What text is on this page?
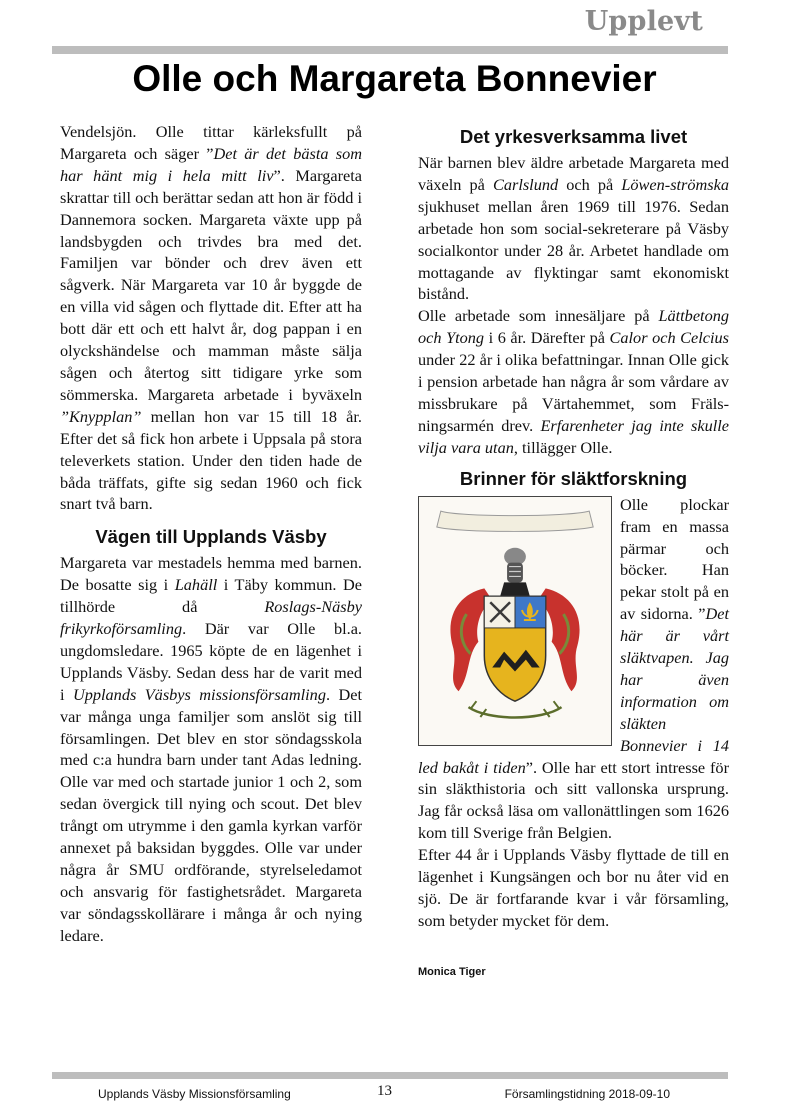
Upplevt
Olle och Margareta Bonnevier

Vendelsjön. Olle tittar kärleksfullt på Margareta och säger ”Det är det bästa som har hänt mig i hela mitt liv”. Margareta skrattar till och berättar sedan att hon är född i Dannemora socken. Margareta växte upp på landsbygden och trivdes bra med det. Familjen var bönder och drev även ett sågverk. När Margareta var 10 år byggde de en villa vid sågen och flyttade dit. Efter att ha bott där ett och ett halvt år, dog pappan i en olyckshändelse och mamman måste sälja sågen och återtog sitt tidigare yrke som sömmerska. Margareta arbetade i byväxeln ”Knypplan” mellan hon var 15 till 18 år. Efter det så fick hon arbete i Uppsala på stora televerkets station. Under den tiden hade de båda träffats, gifte sig sedan 1960 och fick snart två barn.

Vägen till Upplands Väsby

Margareta var mestadels hemma med barnen. De bosatte sig i Lahäll i Täby kommun. De tillhörde då Roslags-Näsby frikyrkoförsamling. Där var Olle bl.a. ungdomsledare. 1965 köpte de en lägenhet i Upplands Väsby. Sedan dess har de varit med i Upplands Väsbys missionsförsamling. Det var många unga familjer som anslöt sig till församlingen. Det blev en stor söndagsskola med c:a hundra barn under tant Adas ledning. Olle var med och startade junior 1 och 2, som sedan övergick till nying och scout. Det blev trångt om utrymme i den gamla kyrkan varför annexet på baksidan byggdes. Olle var under några år SMU ordförande, styrelseledamot och ansvarig för fastighetsrådet. Margareta var söndagsskollärare i många år och nying ledare.

Det yrkesverksamma livet

När barnen blev äldre arbetade Margareta med växeln på Carlslund och på Löwen-strömska sjukhuset mellan åren 1969 till 1976. Sedan arbetade hon som social-sekreterare på Väsby socialkontor under 28 år. Arbetet handlade om mottagande av flyktingar samt ekonomiskt bistånd.

Olle arbetade som innesäljare på Lättbetong och Ytong i 6 år. Därefter på Calor och Celcius under 22 år i olika befattningar. Innan Olle gick i pension arbetade han några år som vårdare av missbrukare på Värtahemmet, som Fräls-ningsarmén drev. Erfarenheter jag inte skulle vilja vara utan, tillägger Olle.

Brinner för släktforskning

Olle plockar fram en massa pärmar och böcker. Han pekar stolt på en av sidorna. ”Det här är vårt släktvapen. Jag har även information om släkten Bonnevier i 14 led bakåt i tiden”. Olle har ett stort intresse för sin släkthistoria och sitt vallonska ursprung. Jag får också läsa om vallonättlingen som 1626 kom till Sverige från Belgien.

Efter 44 år i Upplands Väsby flyttade de till en lägenhet i Kungsängen och bor nu åter vid en sjö. De är fortfarande kvar i vår församling, som betyder mycket för dem.

Monica Tiger
Upplands Väsby Missionsförsamling	13	Församlingstidning 2018-09-10
